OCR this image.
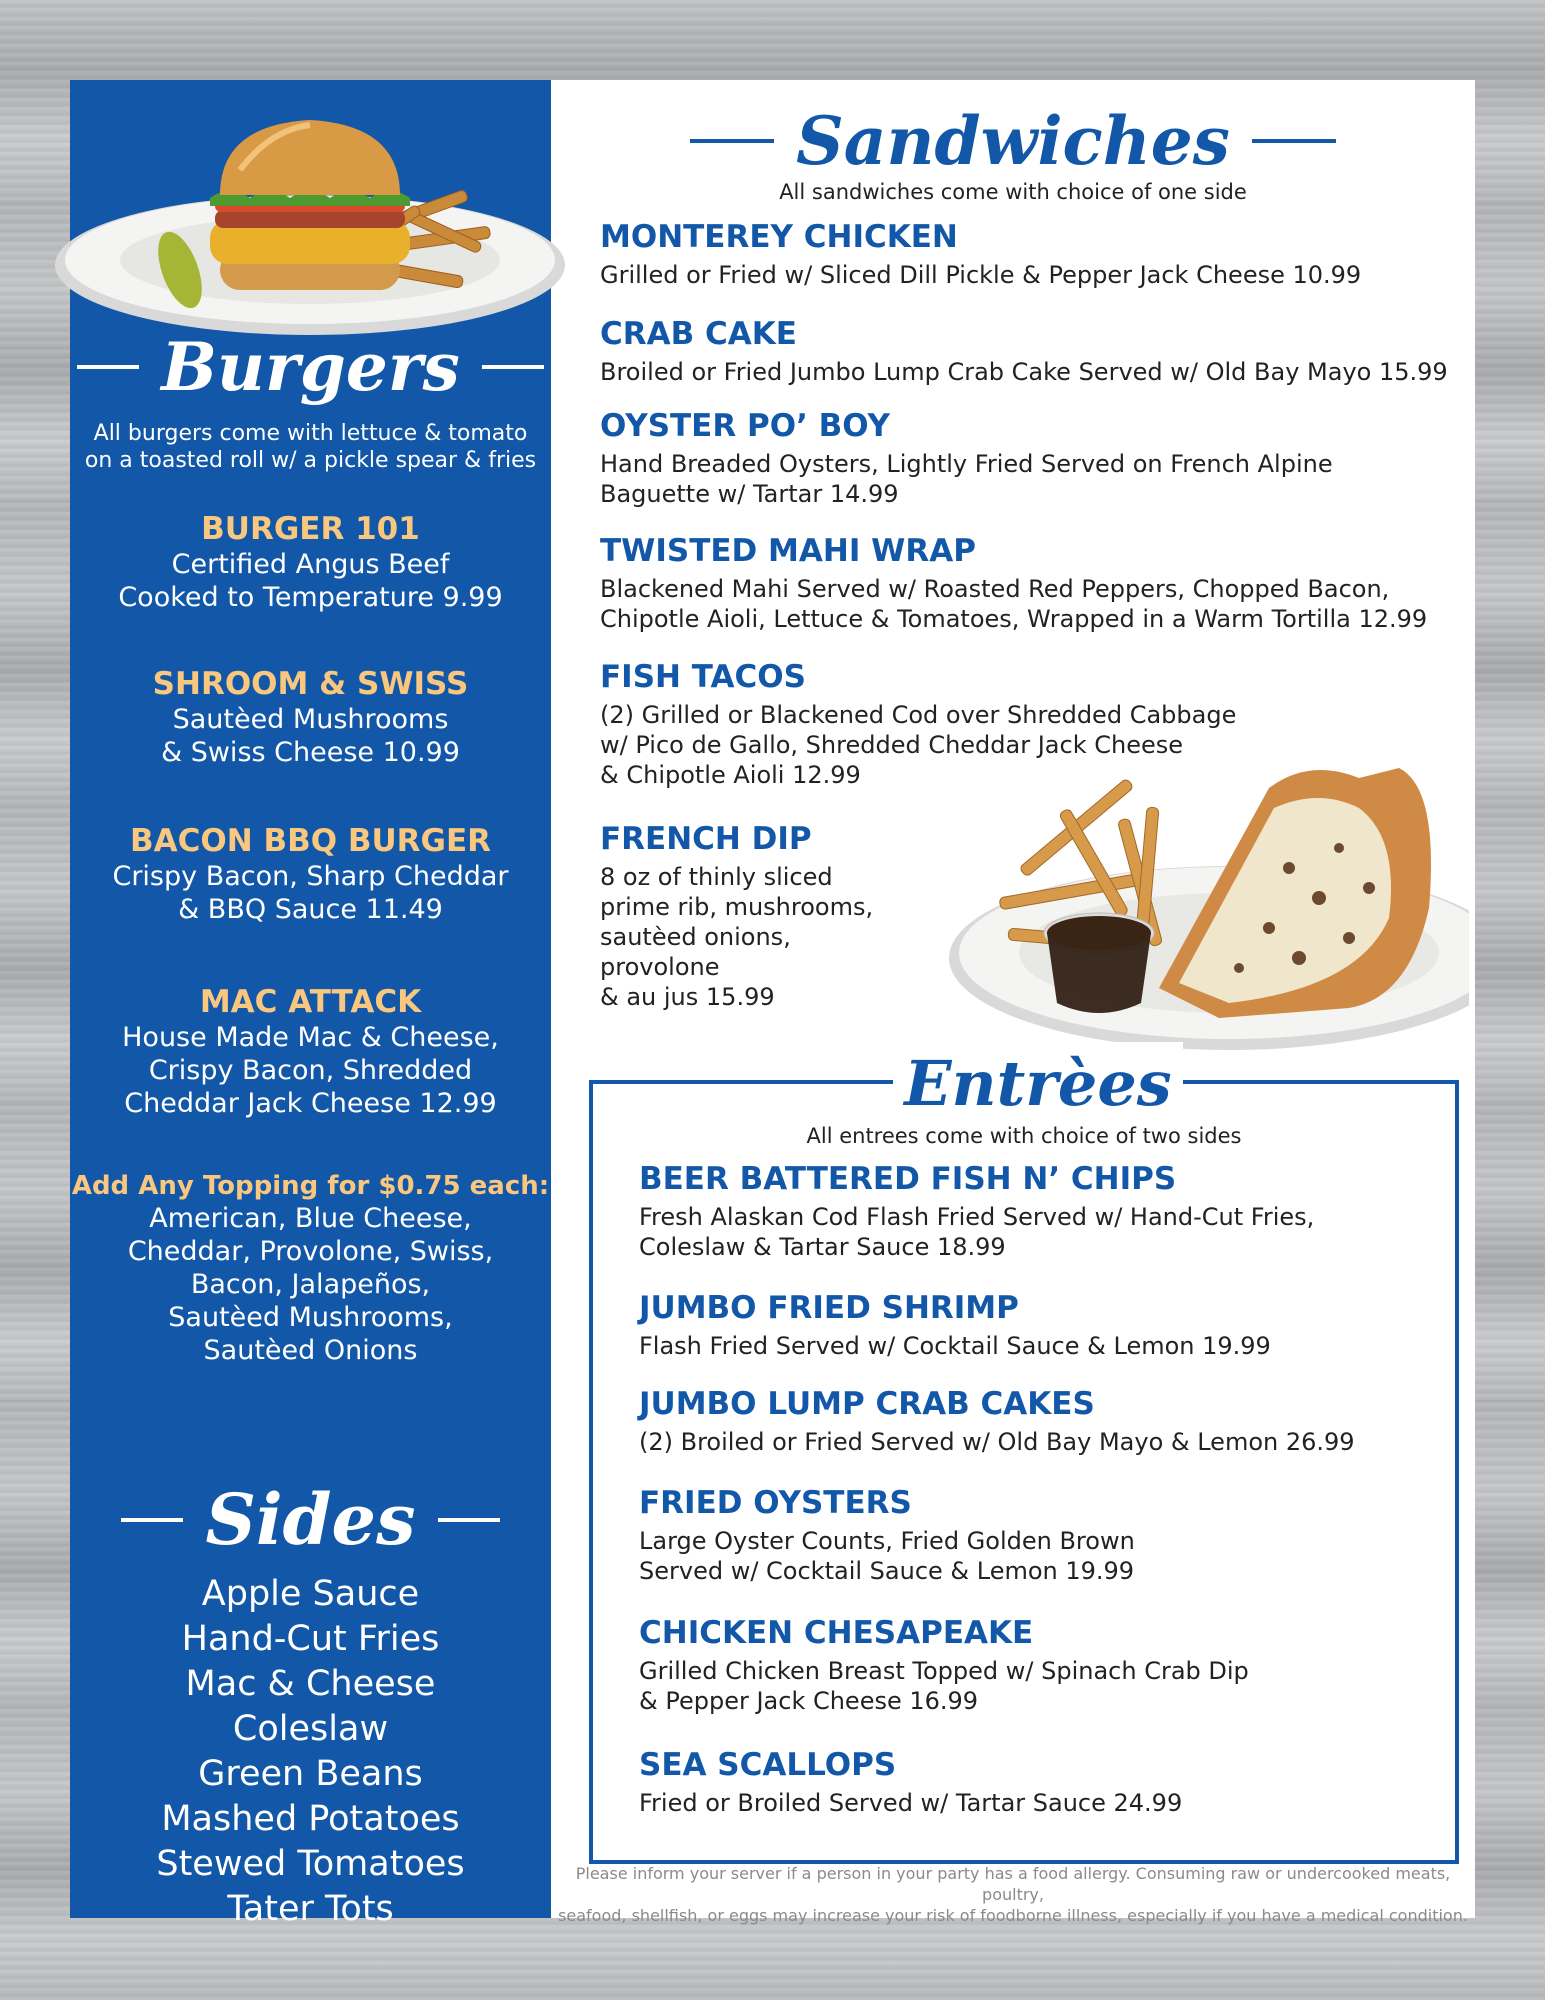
Burgers
All burgers come with lettuce & tomato
on a toasted roll w/ a pickle spear & fries
BURGER 101
Certified Angus Beef
Cooked to Temperature 9.99
SHROOM & SWISS
Sautèed Mushrooms
& Swiss Cheese 10.99
BACON BBQ BURGER
Crispy Bacon, Sharp Cheddar
& BBQ Sauce 11.49
MAC ATTACK
House Made Mac & Cheese,
Crispy Bacon, Shredded
Cheddar Jack Cheese 12.99
Add Any Topping for $0.75 each:
American, Blue Cheese,
Cheddar, Provolone, Swiss,
Bacon, Jalapeños,
Sautèed Mushrooms,
Sautèed Onions
Sides
Apple Sauce
Hand-Cut Fries
Mac & Cheese
Coleslaw
Green Beans
Mashed Potatoes
Stewed Tomatoes
Tater Tots
Sandwiches
All sandwiches come with choice of one side
MONTEREY CHICKEN
Grilled or Fried w/ Sliced Dill Pickle & Pepper Jack Cheese 10.99
CRAB CAKE
Broiled or Fried Jumbo Lump Crab Cake Served w/ Old Bay Mayo 15.99
OYSTER PO’ BOY
Hand Breaded Oysters, Lightly Fried Served on French Alpine
Baguette w/ Tartar 14.99
TWISTED MAHI WRAP
Blackened Mahi Served w/ Roasted Red Peppers, Chopped Bacon,
Chipotle Aioli, Lettuce & Tomatoes, Wrapped in a Warm Tortilla 12.99
FISH TACOS
(2) Grilled or Blackened Cod over Shredded Cabbage
w/ Pico de Gallo, Shredded Cheddar Jack Cheese
& Chipotle Aioli 12.99
FRENCH DIP
8 oz of thinly sliced
prime rib, mushrooms,
sautèed onions,
provolone
& au jus 15.99
Entrèes
All entrees come with choice of two sides
BEER BATTERED FISH N’ CHIPS
Fresh Alaskan Cod Flash Fried Served w/ Hand-Cut Fries,
Coleslaw & Tartar Sauce 18.99
JUMBO FRIED SHRIMP
Flash Fried Served w/ Cocktail Sauce & Lemon 19.99
JUMBO LUMP CRAB CAKES
(2) Broiled or Fried Served w/ Old Bay Mayo & Lemon 26.99
FRIED OYSTERS
Large Oyster Counts, Fried Golden Brown
Served w/ Cocktail Sauce & Lemon 19.99
CHICKEN CHESAPEAKE
Grilled Chicken Breast Topped w/ Spinach Crab Dip
& Pepper Jack Cheese 16.99
SEA SCALLOPS
Fried or Broiled Served w/ Tartar Sauce 24.99
Please inform your server if a person in your party has a food allergy. Consuming raw or undercooked meats, poultry,
seafood, shellfish, or eggs may increase your risk of foodborne illness, especially if you have a medical condition.
